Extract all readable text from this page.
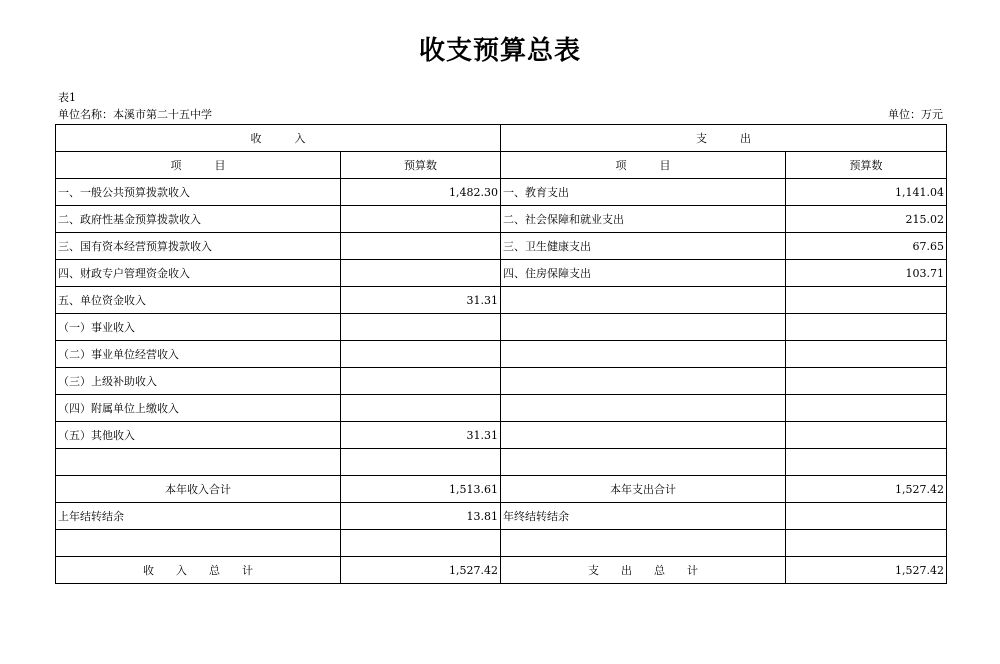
收支预算总表
表1
单位名称：本溪市第二十五中学	单位：万元
收　　　入		支　　　出	
项　　　目	预算数	项　　　目	预算数
一、一般公共预算拨款收入	1,482.30	一、教育支出	1,141.04
二、政府性基金预算拨款收入		二、社会保障和就业支出	215.02
三、国有资本经营预算拨款收入		三、卫生健康支出	67.65
四、财政专户管理资金收入		四、住房保障支出	103.71
五、单位资金收入	31.31		
（一）事业收入			
（二）事业单位经营收入			
（三）上级补助收入			
（四）附属单位上缴收入			
（五）其他收入	31.31		

本年收入合计	1,513.61	本年支出合计	1,527.42
上年结转结余	13.81	年终结转结余	

收　　入　　总　　计	1,527.42	支　　出　　总　　计	1,527.42
